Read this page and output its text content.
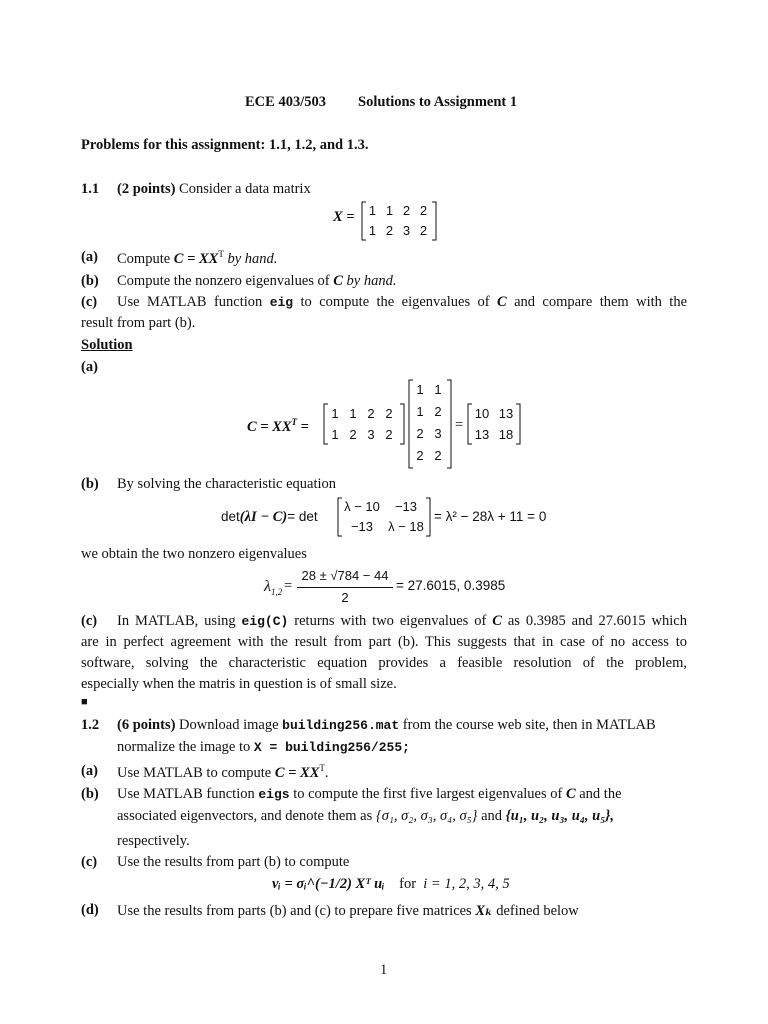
ECE 403/503 Solutions to Assignment 1
Problems for this assignment: 1.1, 1.2, and 1.3.
1.1 (2 points) Consider a data matrix
X =	1 1 2 2
1 2 3 2
(a) Compute $C = XX^T$ by hand.
(b) Compute the nonzero eigenvalues of C by hand.
(c) Use MATLAB function eig to compute the eigenvalues of C and compare them with the
result from part (b).
Solution
(a)
$C = XX^T$ =
1 1 2 2
1 2 3 2
1 1
1 2
2 3
2 2
=
10 13
13 18
(b) By solving the characteristic equation
det(λI − C)= det
λ − 10	−13
−13	λ − 18
= λ² − 28λ + 11 = 0
we obtain the two nonzero eigenvalues
$\lambda_{1,2}$ =
28 ± √784 − 44
2
= 27.6015, 0.3985
(c) In MATLAB, using eig(C) returns with two eigenvalues of C as 0.3985 and 27.6015 which
are in perfect agreement with the result from part (b). This suggests that in case of no access to
software, solving the characteristic equation provides a feasible resolution of the problem,
especially when the matris in question is of small size.
■
1.2 (6 points) Download image building256.mat from the course web site, then in MATLAB
normalize the image to X = building256/255;
(a) Use MATLAB to compute $C = XX^T$.
(b) Use MATLAB function eigs to compute the first five largest eigenvalues of C and the
associated eigenvectors, and denote them as {σ₁, σ₂, σ₃, σ₄, σ₅} and {u₁, u₂, u₃, u₄, u₅},
respectively.
(c) Use the results from part (b) to compute
vᵢ = σᵢ^(−1/2) Xᵀ uᵢ for i = 1, 2, 3, 4, 5
(d) Use the results from parts (b) and (c) to prepare five matrices Xₖ defined below
1
